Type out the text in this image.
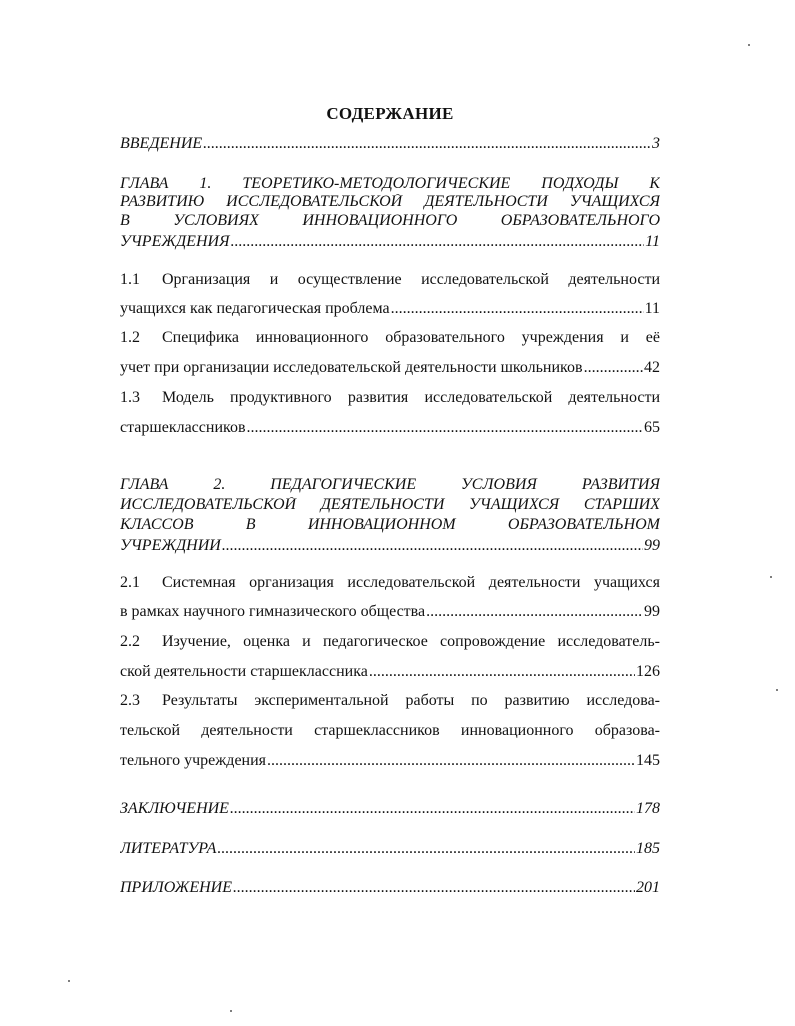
СОДЕРЖАНИЕ
ВВЕДЕНИЕ .....	3
ГЛАВА 1. ТЕОРЕТИКО-МЕТОДОЛОГИЧЕСКИЕ ПОДХОДЫ К
РАЗВИТИЮ ИССЛЕДОВАТЕЛЬСКОЙ ДЕЯТЕЛЬНОСТИ УЧАЩИХСЯ
В УСЛОВИЯХ ИННОВАЦИОННОГО ОБРАЗОВАТЕЛЬНОГО
УЧРЕЖДЕНИЯ .....	11
1.1 Организация и осуществление исследовательской деятельности
учащихся как педагогическая проблема .....	11
1.2 Специфика инновационного образовательного учреждения и её
учет при организации исследовательской деятельности школьников .....	42
1.3 Модель продуктивного развития исследовательской деятельности
старшеклассников .....	65
ГЛАВА 2. ПЕДАГОГИЧЕСКИЕ УСЛОВИЯ РАЗВИТИЯ
ИССЛЕДОВАТЕЛЬСКОЙ ДЕЯТЕЛЬНОСТИ УЧАЩИХСЯ СТАРШИХ
КЛАССОВ В ИННОВАЦИОННОМ ОБРАЗОВАТЕЛЬНОМ
УЧРЕЖДНИИ .....	99
2.1 Системная организация исследовательской деятельности учащихся
в рамках научного гимназического общества .....	99
2.2 Изучение, оценка и педагогическое сопровождение исследователь-
ской деятельности старшеклассника .....	126
2.3 Результаты экспериментальной работы по развитию исследова-
тельской деятельности старшеклассников инновационного образова-
тельного учреждения .....	145
ЗАКЛЮЧЕНИЕ .....	178
ЛИТЕРАТУРА .....	185
ПРИЛОЖЕНИЕ .....	201
